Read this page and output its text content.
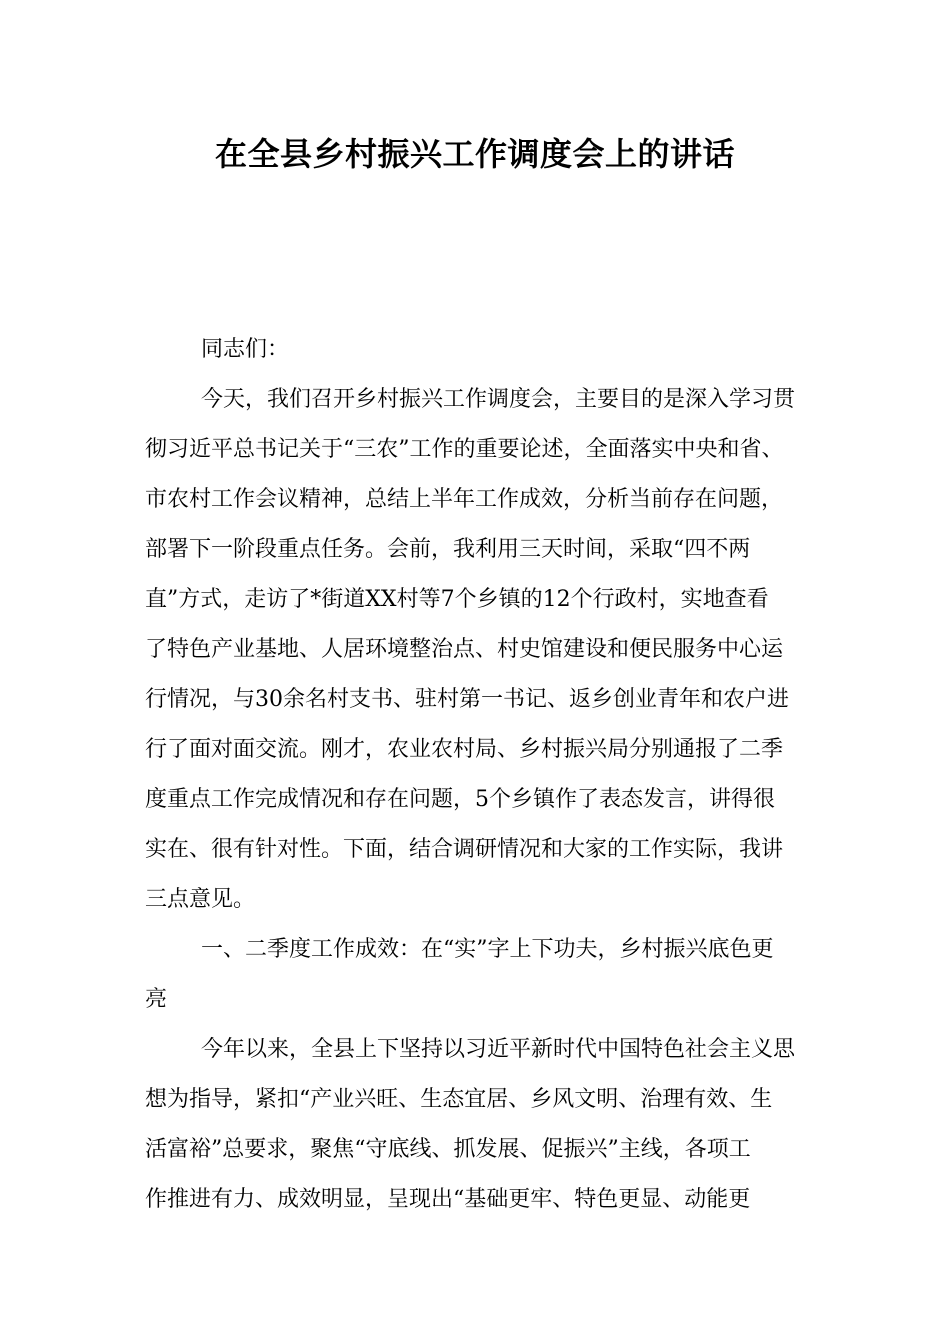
在全县乡村振兴工作调度会上的讲话
同志们：
今天，我们召开乡村振兴工作调度会，主要目的是深入学习贯
彻习近平总书记关于“三农”工作的重要论述，全面落实中央和省、
市农村工作会议精神，总结上半年工作成效，分析当前存在问题，
部署下一阶段重点任务。会前，我利用三天时间，采取“四不两
直”方式，走访了*街道XX村等7个乡镇的12个行政村，实地查看
了特色产业基地、人居环境整治点、村史馆建设和便民服务中心运
行情况，与30余名村支书、驻村第一书记、返乡创业青年和农户进
行了面对面交流。刚才，农业农村局、乡村振兴局分别通报了二季
度重点工作完成情况和存在问题，5个乡镇作了表态发言，讲得很
实在、很有针对性。下面，结合调研情况和大家的工作实际，我讲
三点意见。
一、二季度工作成效：在“实”字上下功夫，乡村振兴底色更
亮
今年以来，全县上下坚持以习近平新时代中国特色社会主义思
想为指导，紧扣“产业兴旺、生态宜居、乡风文明、治理有效、生
活富裕”总要求，聚焦“守底线、抓发展、促振兴”主线，各项工
作推进有力、成效明显，呈现出“基础更牢、特色更显、动能更
